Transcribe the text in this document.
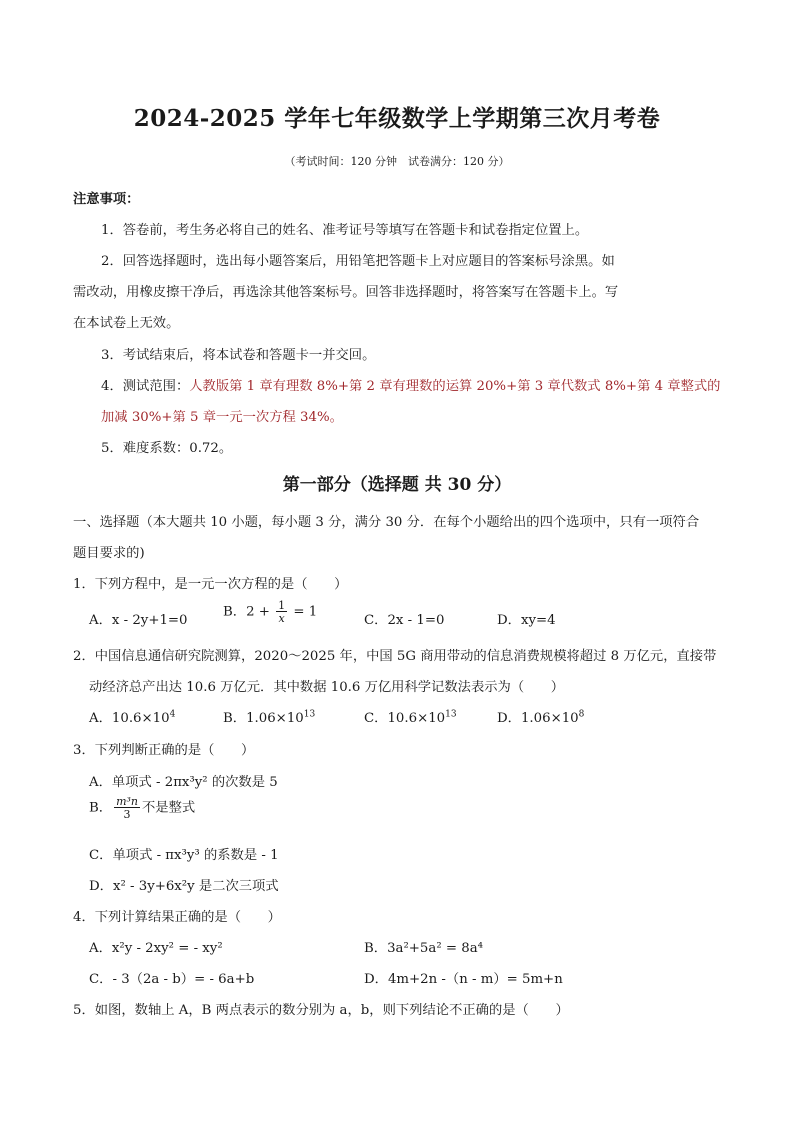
2024-2025 学年七年级数学上学期第三次月考卷
（考试时间：120 分钟　试卷满分：120 分）
注意事项：
1．答卷前，考生务必将自己的姓名、准考证号等填写在答题卡和试卷指定位置上。
2．回答选择题时，选出每小题答案后，用铅笔把答题卡上对应题目的答案标号涂黑。如
需改动，用橡皮擦干净后，再选涂其他答案标号。回答非选择题时，将答案写在答题卡上。写
在本试卷上无效。
3．考试结束后，将本试卷和答题卡一并交回。
4．测试范围：人教版第 1 章有理数 8%+第 2 章有理数的运算 20%+第 3 章代数式 8%+第 4 章整式的
加减 30%+第 5 章一元一次方程 34%。
5．难度系数：0.72。
第一部分（选择题 共 30 分）
一、选择题（本大题共 10 小题，每小题 3 分，满分 30 分．在每个小题给出的四个选项中，只有一项符合
题目要求的)
1．下列方程中，是一元一次方程的是（　　）
A．x - 2y+1=0
B．$2 + \frac{1}{x} = 1$
C．2x - 1=0	D．xy=4
2．中国信息通信研究院测算，2020～2025 年，中国 5G 商用带动的信息消费规模将超过 8 万亿元，直接带
动经济总产出达 10.6 万亿元．其中数据 10.6 万亿用科学记数法表示为（　　）
A．$10.6\times 10^4$	B．$1.06\times 10^{13}$	C．$10.6\times 10^{13}$	D．$1.06\times 10^8$
3．下列判断正确的是（　　）
A．单项式 - 2πx³y² 的次数是 5
B． $\frac{\text{m³n}}{3}$ 不是整式
C．单项式 - πx³y³ 的系数是 - 1
D．x² - 3y+6x²y 是二次三项式
4．下列计算结果正确的是（　　）
A．x²y - 2xy² = - xy²	B．3a²+5a² = 8a⁴
C．- 3（2a - b）= - 6a+b	D．4m+2n -（n - m）= 5m+n
5．如图，数轴上 A，B 两点表示的数分别为 a，b，则下列结论不正确的是（　　）
